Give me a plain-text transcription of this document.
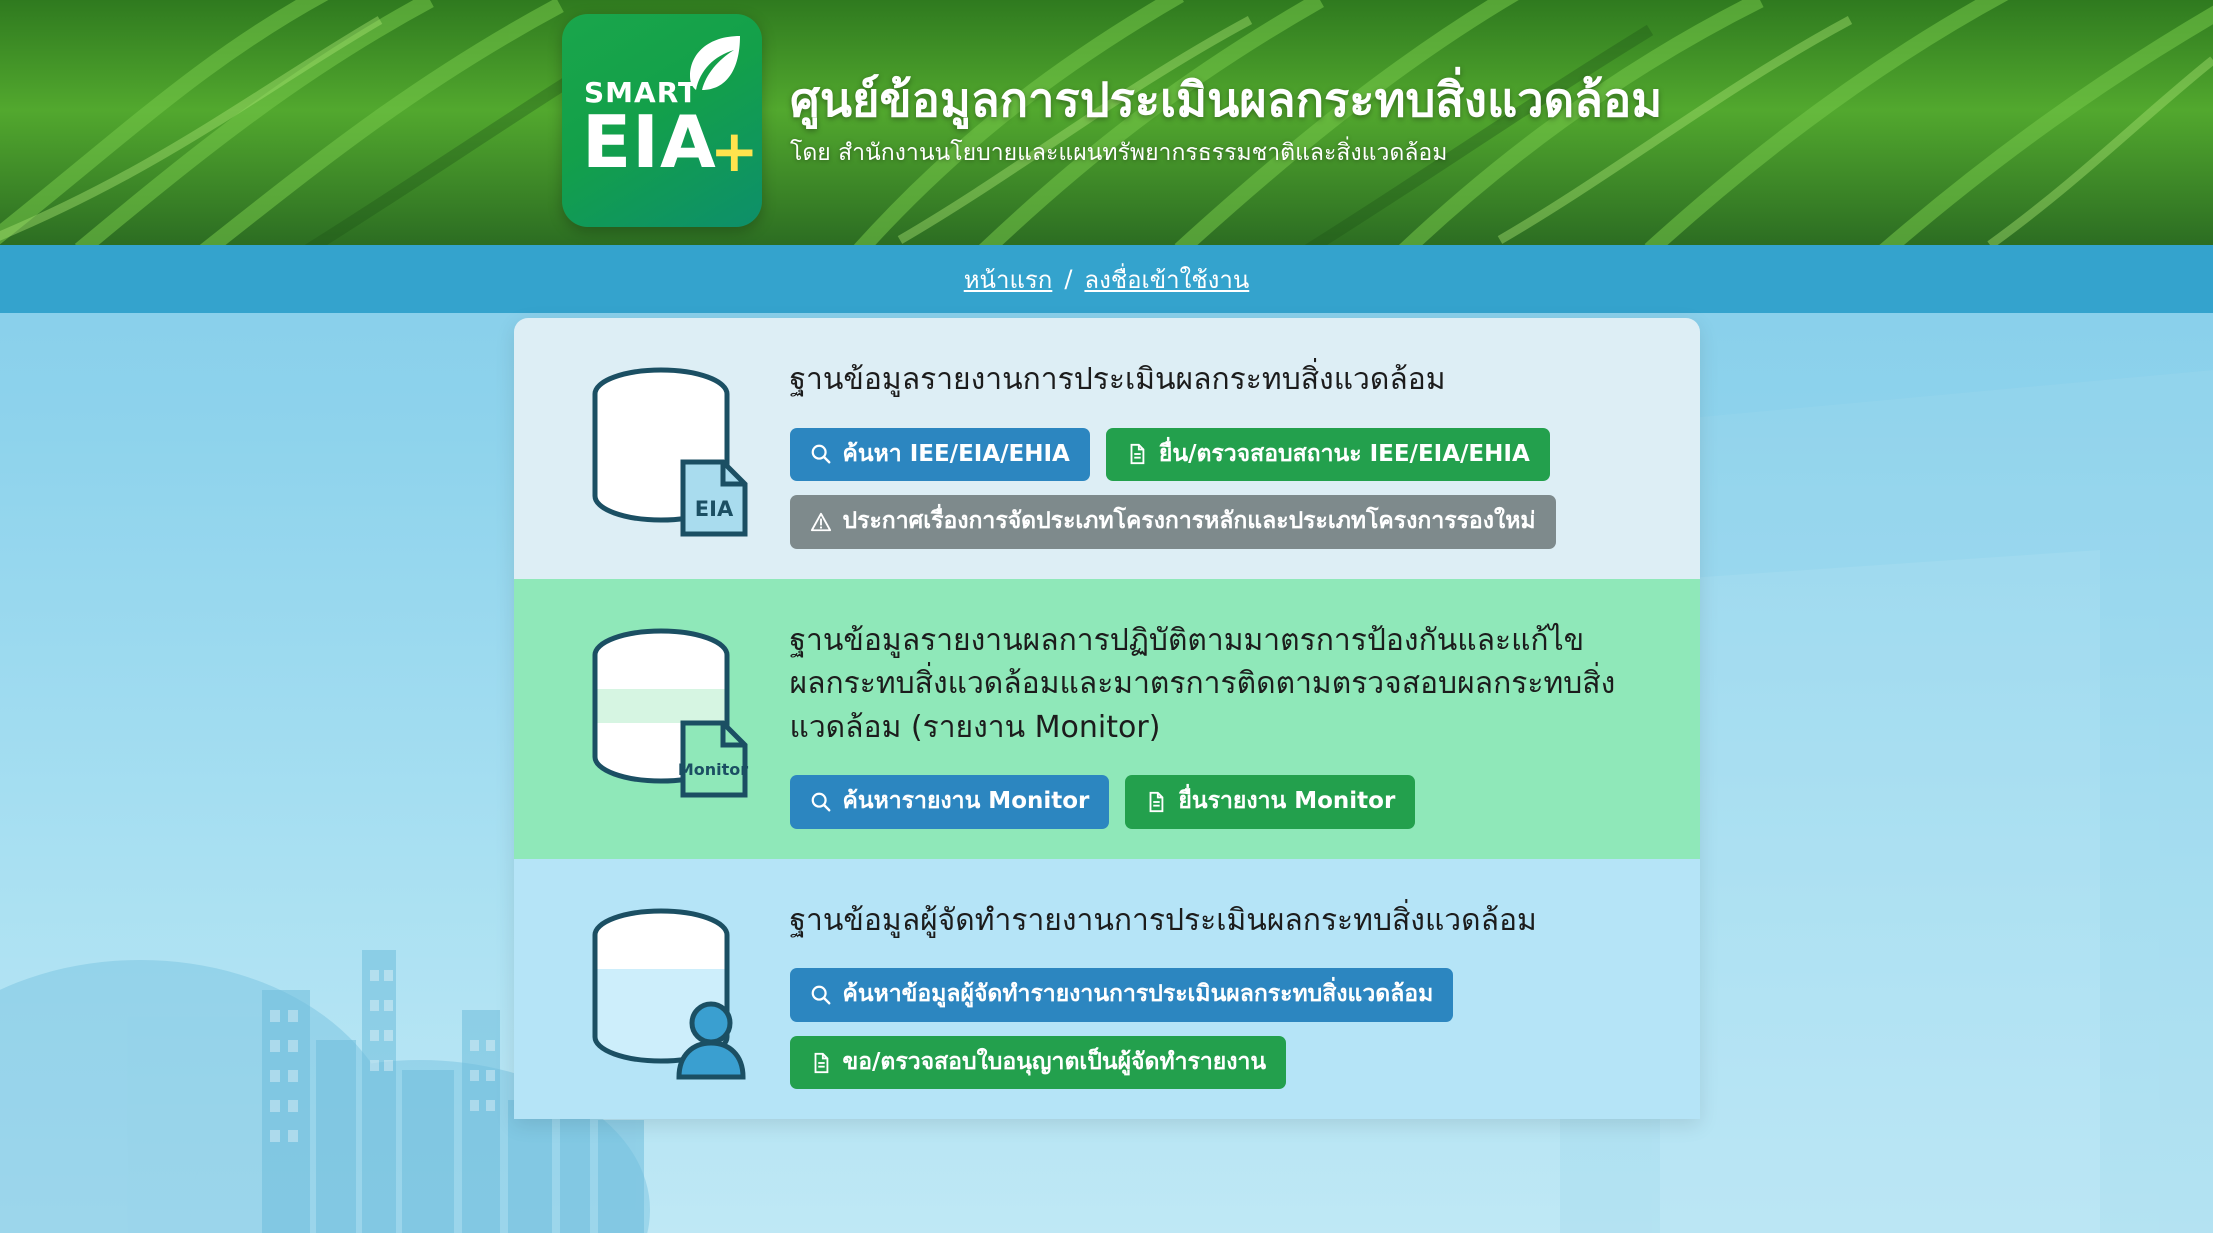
SMART
EIA
+
ศูนย์ข้อมูลการประเมินผลกระทบสิ่งแวดล้อม
โดย สำนักงานนโยบายและแผนทรัพยากรธรรมชาติและสิ่งแวดล้อม
หน้าแรก / ลงชื่อเข้าใช้งาน
EIA
ฐานข้อมูลรายงานการประเมินผลกระทบสิ่งแวดล้อม
ค้นหา IEE/EIA/EHIA	ยื่น/ตรวจสอบสถานะ IEE/EIA/EHIA
ประกาศเรื่องการจัดประเภทโครงการหลักและประเภทโครงการรองใหม่
Monitor
ฐานข้อมูลรายงานผลการปฏิบัติตามมาตรการป้องกันและแก้ไขผลกระทบสิ่งแวดล้อมและมาตรการติดตามตรวจสอบผลกระทบสิ่งแวดล้อม (รายงาน Monitor)
ค้นหารายงาน Monitor	ยื่นรายงาน Monitor
ฐานข้อมูลผู้จัดทำรายงานการประเมินผลกระทบสิ่งแวดล้อม
ค้นหาข้อมูลผู้จัดทำรายงานการประเมินผลกระทบสิ่งแวดล้อม
ขอ/ตรวจสอบใบอนุญาตเป็นผู้จัดทำรายงาน
